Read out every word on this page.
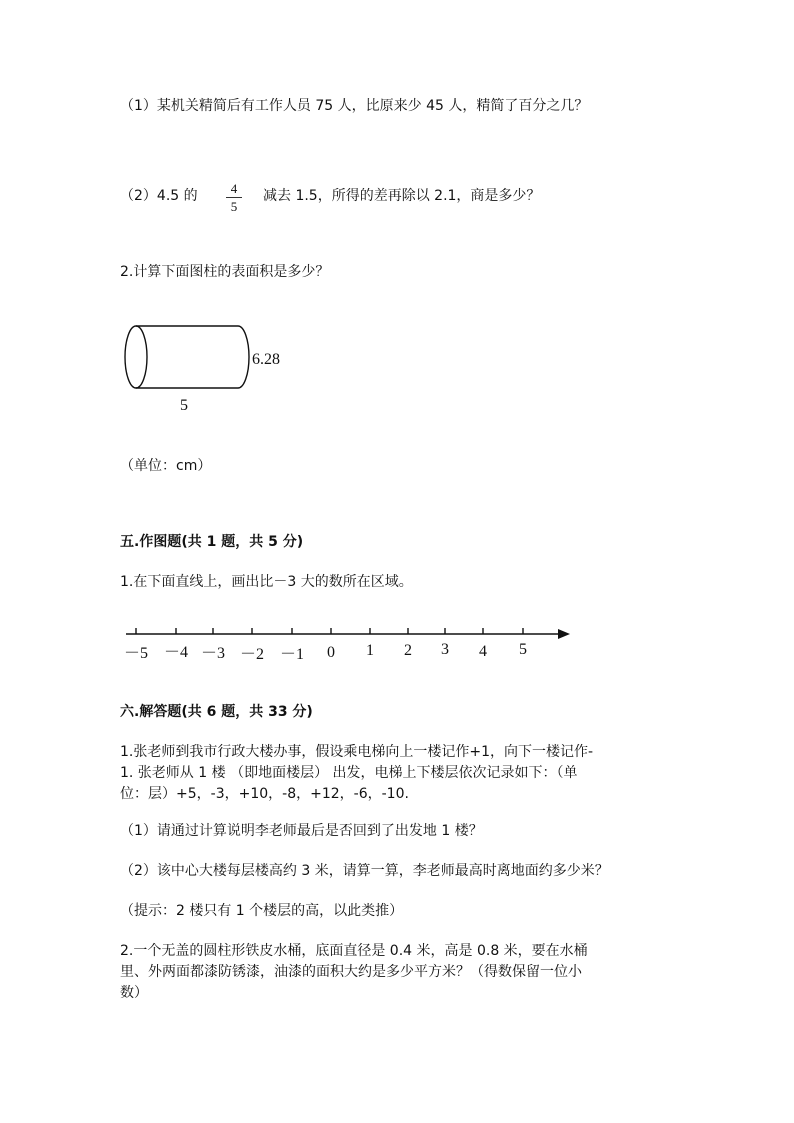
（1）某机关精简后有工作人员 75 人，比原来少 45 人，精简了百分之几？
（2）4.5 的	4
5
减去 1.5，所得的差再除以 2.1，商是多少？
2.计算下面图柱的表面积是多少？
6.28
5
（单位：cm）
五.作图题(共 1 题，共 5 分)
1.在下面直线上，画出比－3 大的数所在区域。
－5 －4 －3 －2 －1 0 1 2 3 4 5
六.解答题(共 6 题，共 33 分)
1.张老师到我市行政大楼办事，假设乘电梯向上一楼记作+1，向下一楼记作-
1. 张老师从 1 楼 （即地面楼层） 出发，电梯上下楼层依次记录如下：（单
位：层）+5，-3，+10，-8，+12，-6，-10.
（1）请通过计算说明李老师最后是否回到了出发地 1 楼？
（2）该中心大楼每层楼高约 3 米，请算一算，李老师最高时离地面约多少米？
（提示：2 楼只有 1 个楼层的高，以此类推）
2.一个无盖的圆柱形铁皮水桶，底面直径是 0.4 米，高是 0.8 米，要在水桶
里、外两面都漆防锈漆，油漆的面积大约是多少平方米？（得数保留一位小
数）
